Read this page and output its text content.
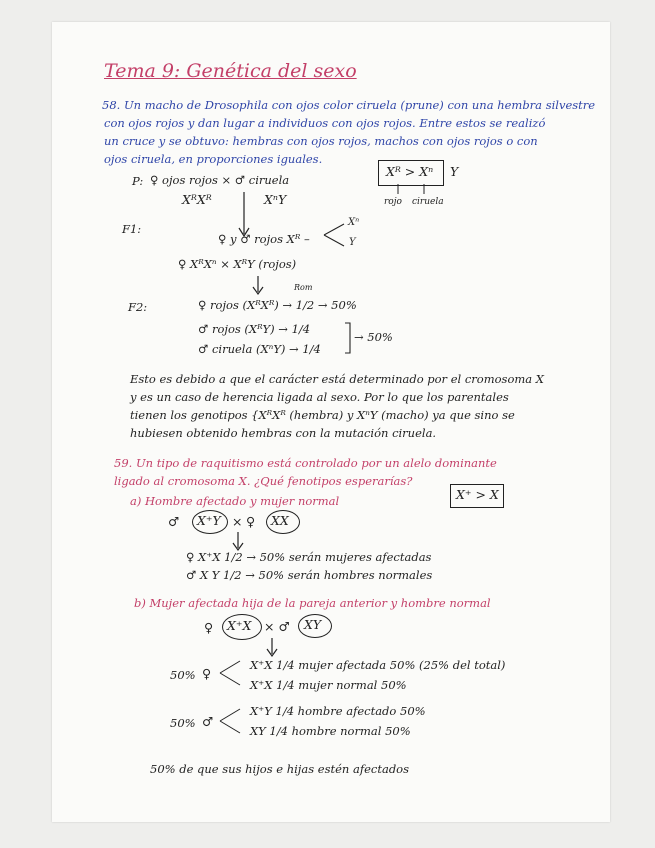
Tema 9: Genética del sexo
58. Un macho de Drosophila con ojos color ciruela (prune) con una hembra silvestre
con ojos rojos y dan lugar a individuos con ojos rojos. Entre estos se realizó
un cruce y se obtuvo: hembras con ojos rojos, machos con ojos rojos o con
ojos ciruela, en proporciones iguales.
Xᴿ > Xⁿ Y
rojo ciruela
P: ♀ ojos rojos × ♂ ciruela
XᴿXᴿ	XⁿY
F1:
♀ y ♂ rojos Xᴿ –
Xⁿ
Y
♀ XᴿXⁿ × XᴿY (rojos)
Rom
F2:	♀ rojos (XᴿXᴿ) → 1/2 → 50%
♂ rojos (XᴿY) → 1/4
♂ ciruela (XⁿY) → 1/4
→ 50%
Esto es debido a que el carácter está determinado por el cromosoma X
y es un caso de herencia ligada al sexo. Por lo que los parentales
tienen los genotipos {XᴿXᴿ (hembra) y XⁿY (macho) ya que sino se
hubiesen obtenido hembras con la mutación ciruela.
59. Un tipo de raquitismo está controlado por un alelo dominante
ligado al cromosoma X. ¿Qué fenotipos esperarías?
X⁺ > X
a) Hombre afectado y mujer normal
♂ X⁺Y × ♀ XX
♀ X⁺X 1/2 → 50% serán mujeres afectadas
♂ X Y 1/2 → 50% serán hombres normales
b) Mujer afectada hija de la pareja anterior y hombre normal
♀ X⁺X × ♂ XY
50% ♀
X⁺X 1/4 mujer afectada 50% (25% del total)
X⁺X 1/4 mujer normal 50%
50% ♂
X⁺Y 1/4 hombre afectado 50%
XY 1/4 hombre normal 50%
50% de que sus hijos e hijas estén afectados
